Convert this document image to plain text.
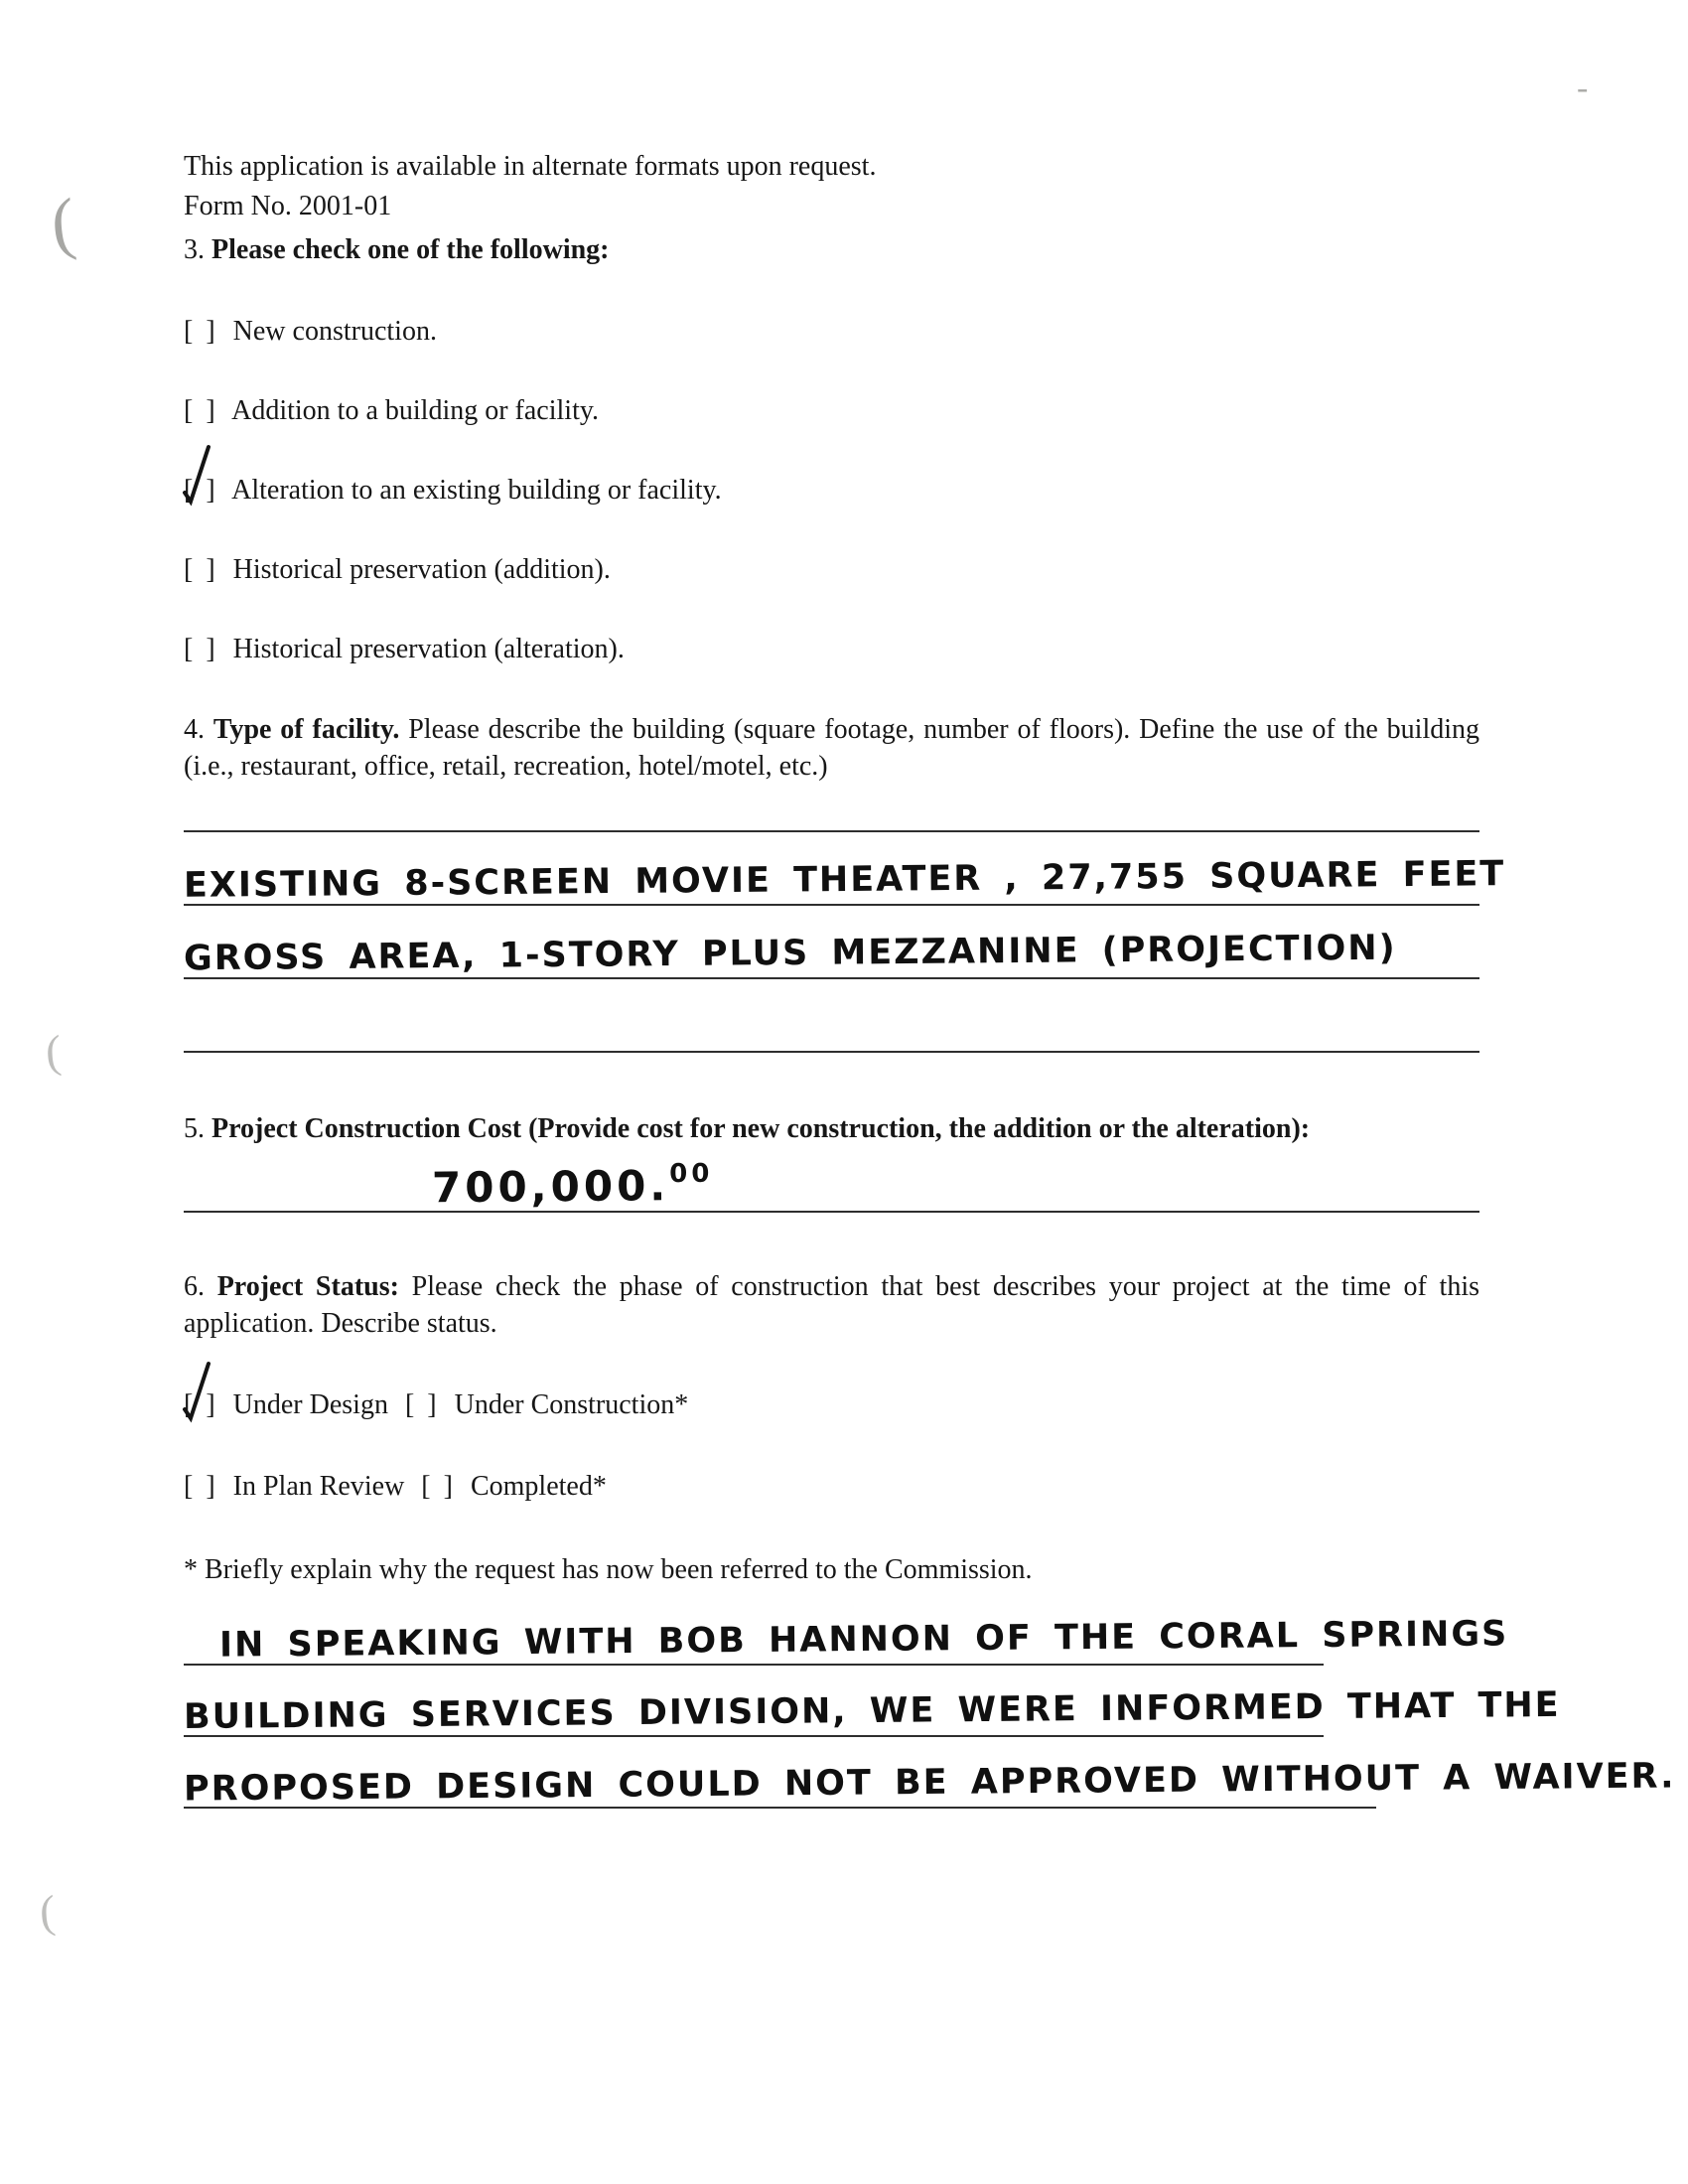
(
(
(
-
This application is available in alternate formats upon request.
Form No. 2001-01
3. Please check one of the following:
[ ] New construction.
[ ] Addition to a building or facility.
[ ] Alteration to an existing building or facility.
[ ] Historical preservation (addition).
[ ] Historical preservation (alteration).
4. Type of facility. Please describe the building (square footage, number of floors). Define the use of the building (i.e., restaurant, office, retail, recreation, hotel/motel, etc.)
EXISTING 8-SCREEN MOVIE THEATER , 27,755 SQUARE FEET
GROSS AREA, 1-STORY PLUS MEZZANINE (PROJECTION)
5. Project Construction Cost (Provide cost for new construction, the addition or the alteration):
700,000.00
6. Project Status: Please check the phase of construction that best describes your project at the time of this application. Describe status.
[ ] Under Design [ ] Under Construction*
[ ] In Plan Review [ ] Completed*
* Briefly explain why the request has now been referred to the Commission.
IN SPEAKING WITH BOB HANNON OF THE CORAL SPRINGS
BUILDING SERVICES DIVISION, WE WERE INFORMED THAT THE
PROPOSED DESIGN COULD NOT BE APPROVED WITHOUT A WAIVER.
